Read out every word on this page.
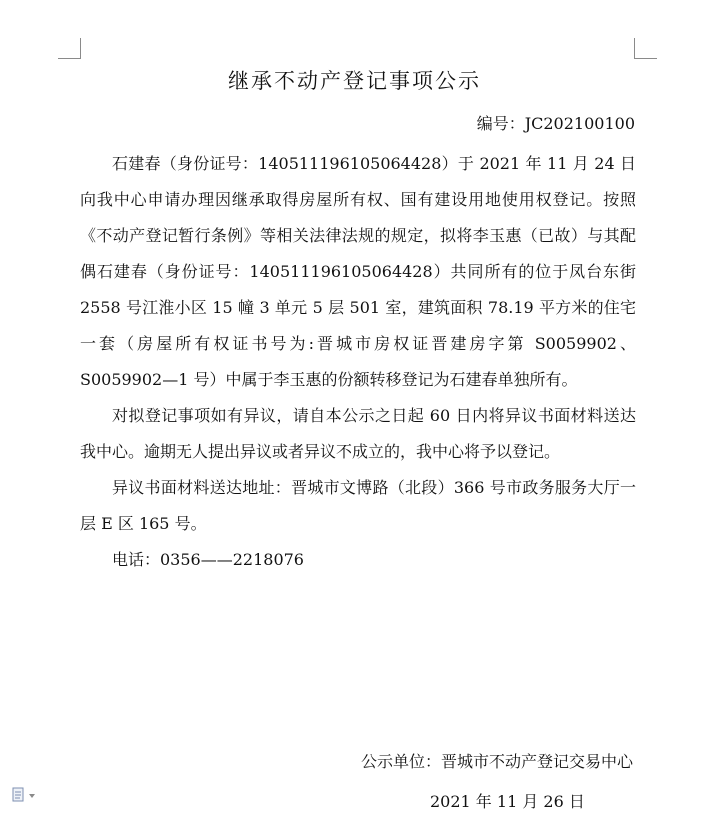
继承不动产登记事项公示
编号：JC202100100

石建春（身份证号：140511196105064428）于 2021 年 11 月 24 日向我中心申请办理因继承取得房屋所有权、国有建设用地使用权登记。按照《不动产登记暂行条例》等相关法律法规的规定，拟将李玉惠（已故）与其配偶石建春（身份证号：140511196105064428）共同所有的位于凤台东街 2558 号江淮小区 15 幢 3 单元 5 层 501 室，建筑面积 78.19 平方米的住宅一套（房屋所有权证书号为:晋城市房权证晋建房字第 S0059902、S0059902—1 号）中属于李玉惠的份额转移登记为石建春单独所有。

对拟登记事项如有异议，请自本公示之日起 60 日内将异议书面材料送达我中心。逾期无人提出异议或者异议不成立的，我中心将予以登记。

异议书面材料送达地址：晋城市文博路（北段）366 号市政务服务大厅一层 E 区 165 号。

电话：0356——2218076

公示单位：晋城市不动产登记交易中心
2021 年 11 月 26 日
